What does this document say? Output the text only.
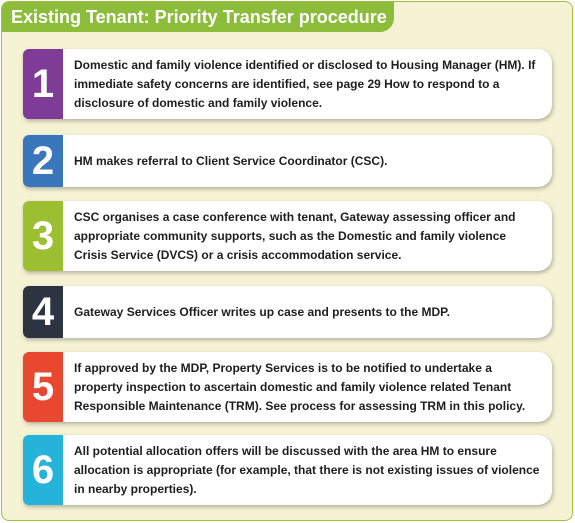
Existing Tenant: Priority Transfer procedure
1	Domestic and family violence identified or disclosed to Housing Manager (HM). If immediate safety concerns are identified, see page 29 How to respond to a disclosure of domestic and family violence.
2	HM makes referral to Client Service Coordinator (CSC).
3	CSC organises a case conference with tenant, Gateway assessing officer and appropriate community supports, such as the Domestic and family violence Crisis Service (DVCS) or a crisis accommodation service.
4	Gateway Services Officer writes up case and presents to the MDP.
5	If approved by the MDP, Property Services is to be notified to undertake a property inspection to ascertain domestic and family violence related Tenant Responsible Maintenance (TRM). See process for assessing TRM in this policy.
6	All potential allocation offers will be discussed with the area HM to ensure allocation is appropriate (for example, that there is not existing issues of violence in nearby properties).
